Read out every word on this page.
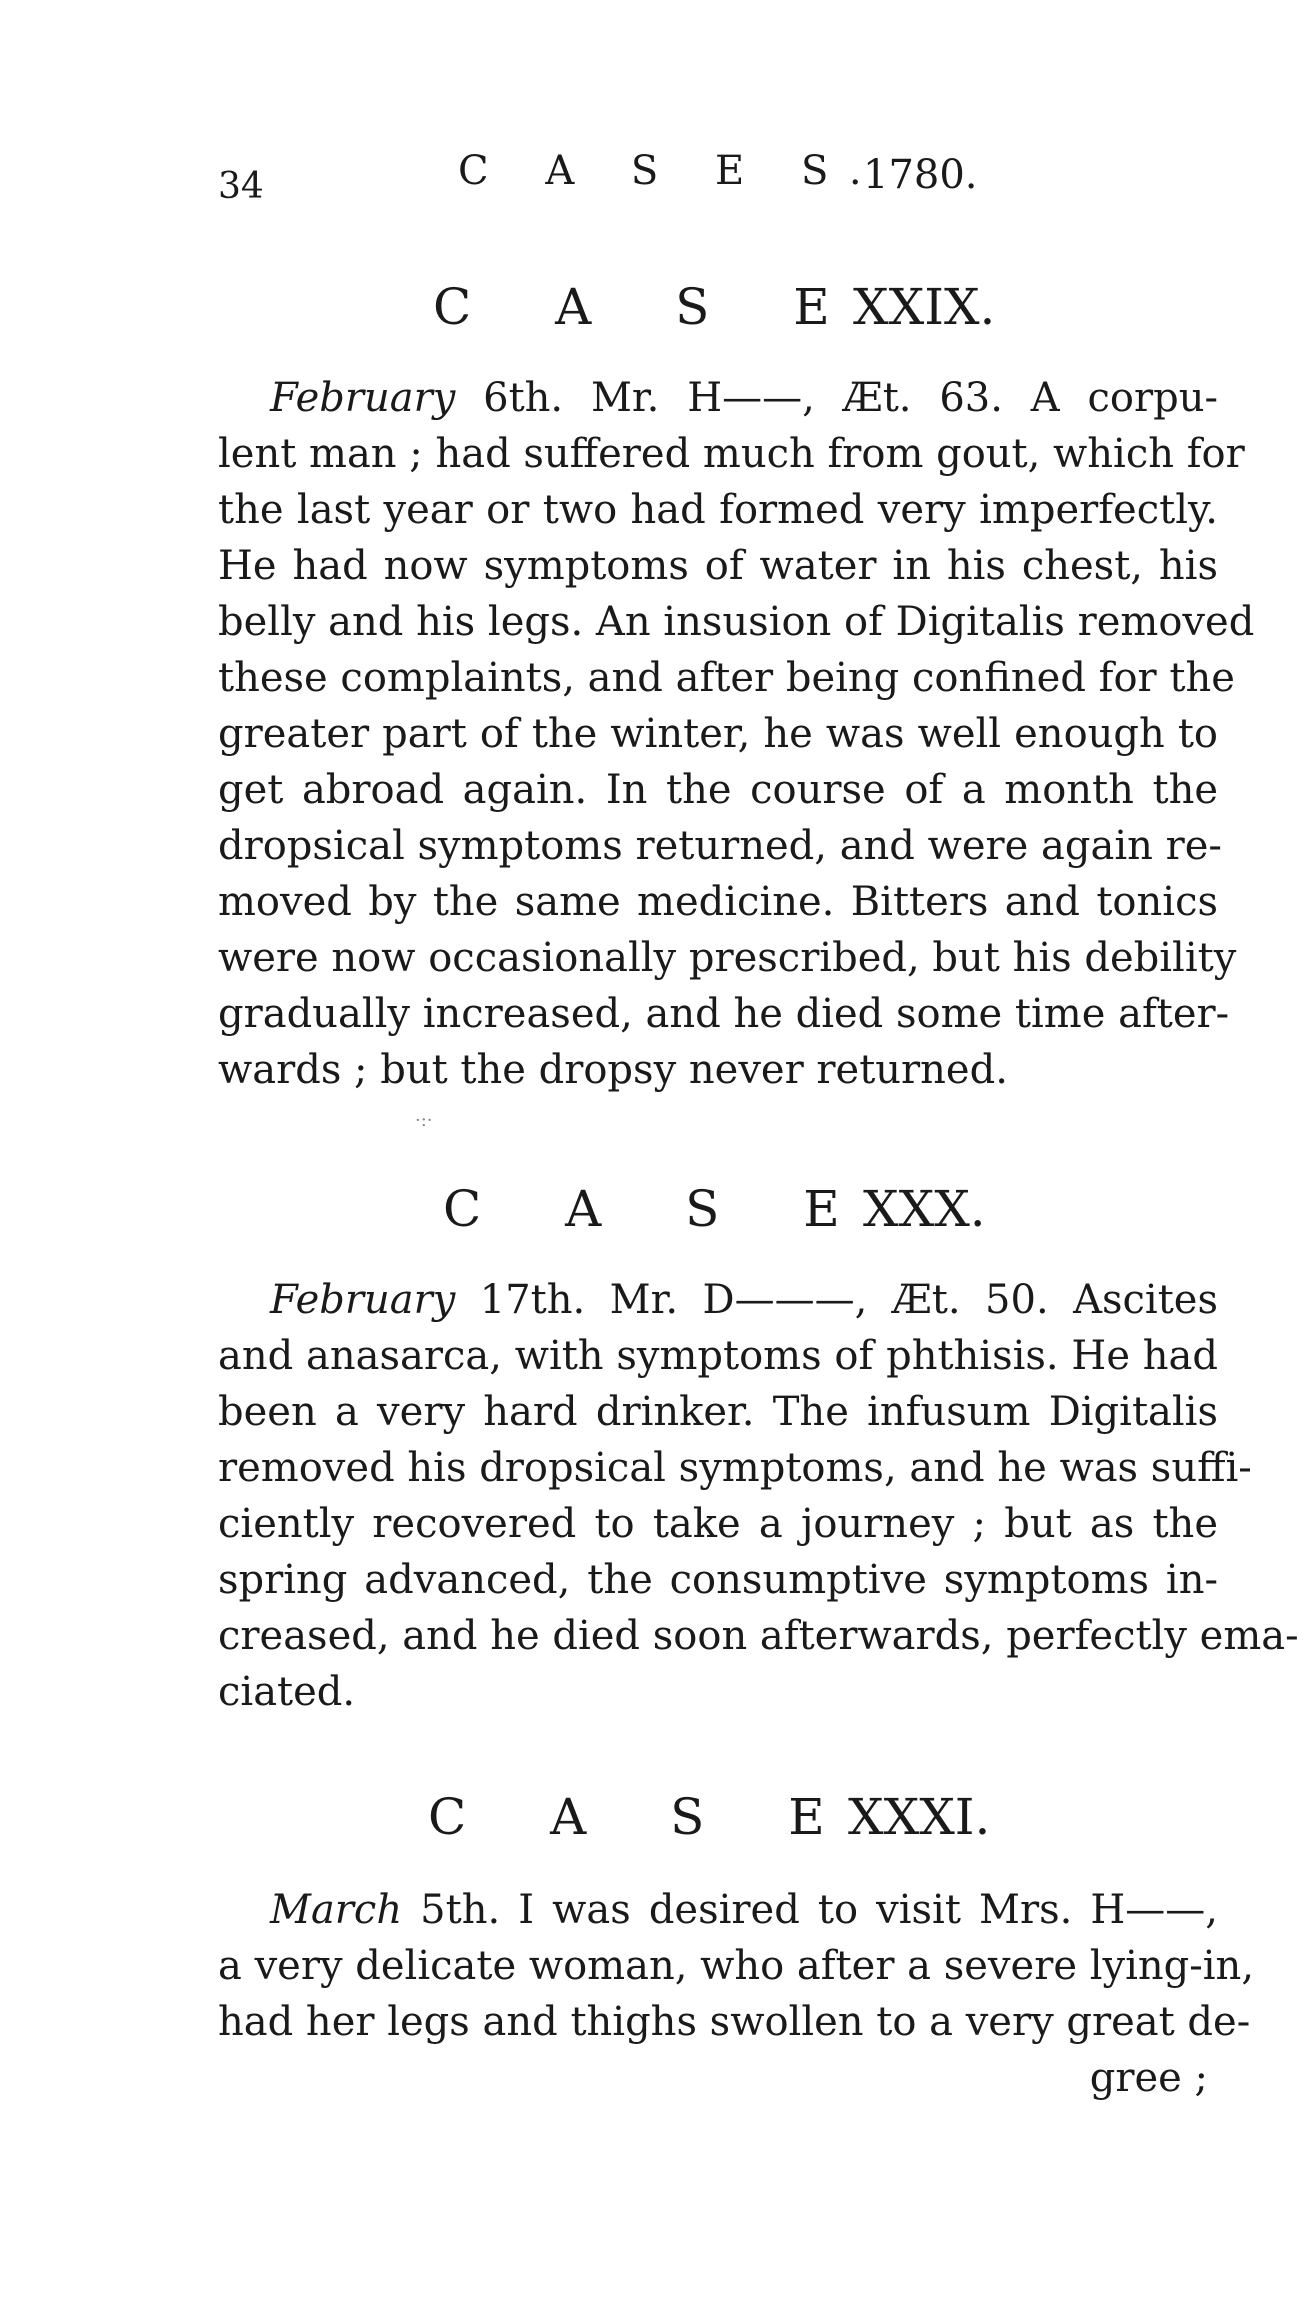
34	C A S E S.
1780.
C A S E
XXIX.
February 6th. Mr. H——, Æt. 63. A corpu-
lent man ; had suffered much from gout, which for
the last year or two had formed very imperfectly.
He had now symptoms of water in his chest, his
belly and his legs. An insusion of Digitalis removed
these complaints, and after being confined for the
greater part of the winter, he was well enough to
get abroad again. In the course of a month the
dropsical symptoms returned, and were again re-
moved by the same medicine. Bitters and tonics
were now occasionally prescribed, but his debility
gradually increased, and he died some time after-
wards ; but the dropsy never returned.
·:·
C A S E
XXX.
February 17th. Mr. D———, Æt. 50. Ascites
and anasarca, with symptoms of phthisis. He had
been a very hard drinker. The infusum Digitalis
removed his dropsical symptoms, and he was suffi-
ciently recovered to take a journey ; but as the
spring advanced, the consumptive symptoms in-
creased, and he died soon afterwards, perfectly ema-
ciated.
C A S E
XXXI.
March 5th. I was desired to visit Mrs. H——,
a very delicate woman, who after a severe lying-in,
had her legs and thighs swollen to a very great de-
gree ;
